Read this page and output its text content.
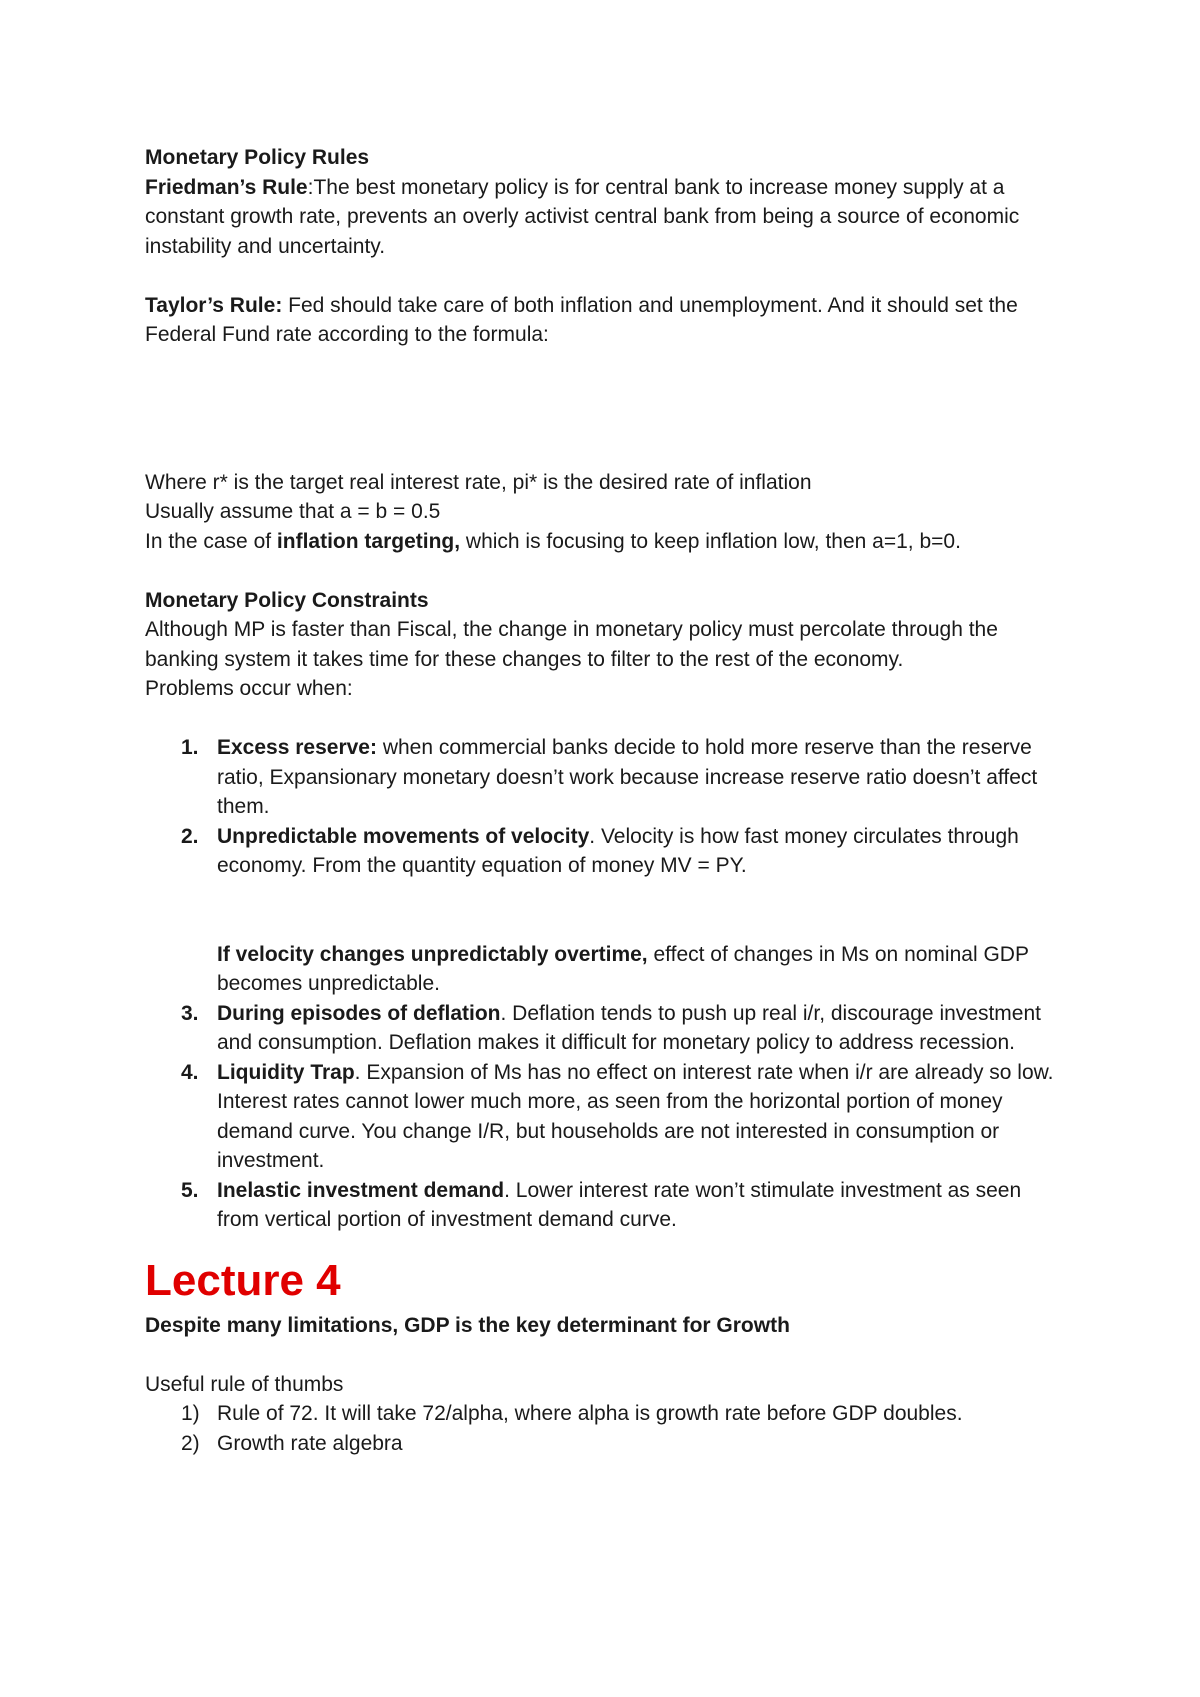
Monetary Policy Rules

Friedman’s Rule:The best monetary policy is for central bank to increase money supply at a constant growth rate, prevents an overly activist central bank from being a source of economic instability and uncertainty.

Taylor’s Rule: Fed should take care of both inflation and unemployment. And it should set the Federal Fund rate according to the formula:

Where r* is the target real interest rate, pi* is the desired rate of inflation

Usually assume that a = b = 0.5

In the case of inflation targeting, which is focusing to keep inflation low, then a=1, b=0.

Monetary Policy Constraints

Although MP is faster than Fiscal, the change in monetary policy must percolate through the banking system it takes time for these changes to filter to the rest of the economy.

Problems occur when:

1. Excess reserve: when commercial banks decide to hold more reserve than the reserve ratio, Expansionary monetary doesn’t work because increase reserve ratio doesn’t affect them.
2. Unpredictable movements of velocity. Velocity is how fast money circulates through economy. From the quantity equation of money MV = PY.

If velocity changes unpredictably overtime, effect of changes in Ms on nominal GDP becomes unpredictable.

3. During episodes of deflation. Deflation tends to push up real i/r, discourage investment and consumption. Deflation makes it difficult for monetary policy to address recession.
4. Liquidity Trap. Expansion of Ms has no effect on interest rate when i/r are already so low. Interest rates cannot lower much more, as seen from the horizontal portion of money demand curve. You change I/R, but households are not interested in consumption or investment.
5. Inelastic investment demand. Lower interest rate won’t stimulate investment as seen from vertical portion of investment demand curve.
Lecture 4

Despite many limitations, GDP is the key determinant for Growth

Useful rule of thumbs

1) Rule of 72. It will take 72/alpha, where alpha is growth rate before GDP doubles.
2) Growth rate algebra
